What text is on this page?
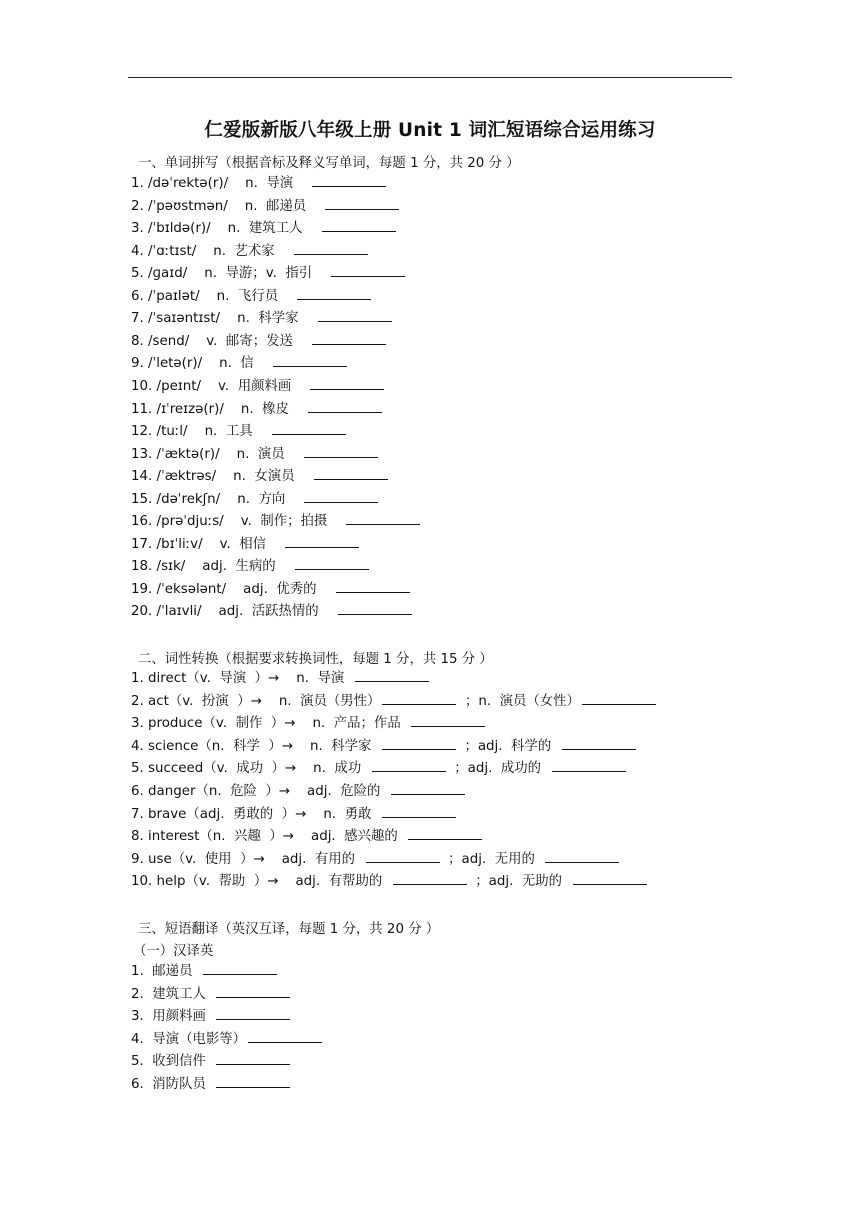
仁爱版新版八年级上册 Unit 1 词汇短语综合运用练习
一、单词拼写（根据音标及释义写单词，每题 1 分，共 20 分 ）
1. /dəˈrektə(r)/    n.  导演
2. /ˈpəʊstmən/    n.  邮递员
3. /ˈbɪldə(r)/    n.  建筑工人
4. /ˈɑːtɪst/    n.  艺术家
5. /ɡaɪd/    n.  导游；v.  指引
6. /ˈpaɪlət/    n.  飞行员
7. /ˈsaɪəntɪst/    n.  科学家
8. /send/    v.  邮寄；发送
9. /ˈletə(r)/    n.  信
10. /peɪnt/    v.  用颜料画
11. /ɪˈreɪzə(r)/    n.  橡皮
12. /tuːl/    n.  工具
13. /ˈæktə(r)/    n.  演员
14. /ˈæktrəs/    n.  女演员
15. /dəˈrekʃn/    n.  方向
16. /prəˈdjuːs/    v.  制作；拍摄
17. /bɪˈliːv/    v.  相信
18. /sɪk/    adj.  生病的
19. /ˈeksələnt/    adj.  优秀的
20. /ˈlaɪvli/    adj.  活跃热情的
二、词性转换（根据要求转换词性，每题 1 分，共 15 分 ）
1. direct（v.  导演  ）→    n.  导演
2. act（v.  扮演  ）→    n.  演员（男性）	；n.  演员（女性）
3. produce（v.  制作  ）→    n.  产品；作品
4. science（n.  科学  ）→    n.  科学家	；adj.  科学的
5. succeed（v.  成功  ）→    n.  成功	；adj.  成功的
6. danger（n.  危险  ）→    adj.  危险的
7. brave（adj.  勇敢的  ）→    n.  勇敢
8. interest（n.  兴趣  ）→    adj.  感兴趣的
9. use（v.  使用  ）→    adj.  有用的	；adj.  无用的
10. help（v.  帮助  ）→    adj.  有帮助的	；adj.  无助的
三、短语翻译（英汉互译，每题 1 分，共 20 分 ）
（一）汉译英
1.  邮递员
2.  建筑工人
3.  用颜料画
4.  导演（电影等）
5.  收到信件
6.  消防队员
